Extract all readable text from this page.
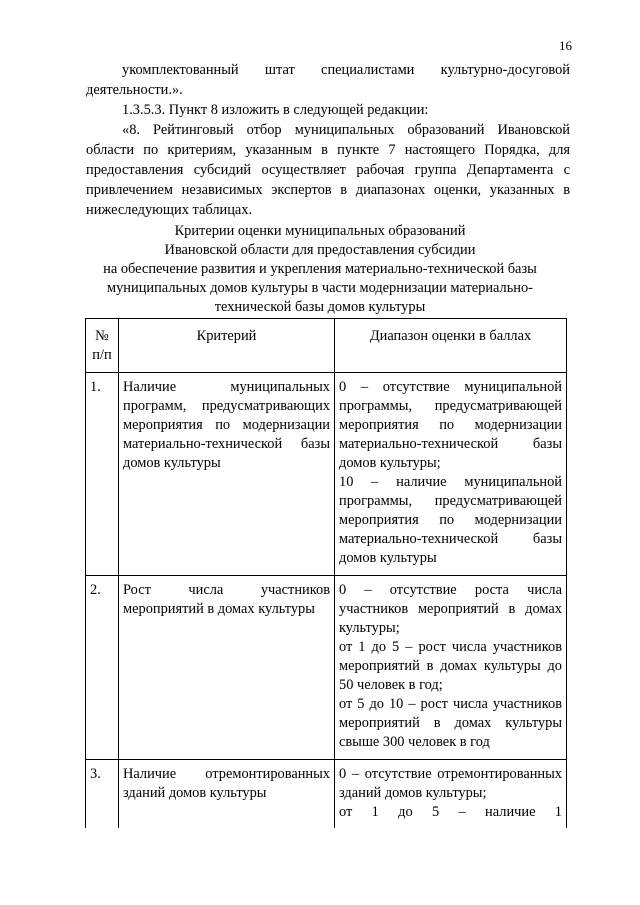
16

укомплектованный штат специалистами культурно-досуговой деятельности.».

1.3.5.3. Пункт 8 изложить в следующей редакции:

«8. Рейтинговый отбор муниципальных образований Ивановской области по критериям, указанным в пункте 7 настоящего Порядка, для предоставления субсидий осуществляет рабочая группа Департамента с привлечением независимых экспертов в диапазонах оценки, указанных в нижеследующих таблицах.

Критерии оценки муниципальных образований
Ивановской области для предоставления субсидии
на обеспечение развития и укрепления материально-технической базы
муниципальных домов культуры в части модернизации материально-
технической базы домов культуры
№ п/п	Критерий	Диапазон оценки в баллах
1.	Наличие муниципальных программ, предусматривающих мероприятия по модернизации материально-технической базы домов культуры	0 – отсутствие муниципальной программы, предусматривающей мероприятия по модернизации материально-технической базы домов культуры;
10 – наличие муниципальной программы, предусматривающей мероприятия по модернизации материально-технической базы домов культуры

2.	Рост числа участников мероприятий в домах культуры	0 – отсутствие роста числа участников мероприятий в домах культуры;
от 1 до 5 – рост числа участников мероприятий в домах культуры до 50 человек в год;
от 5 до 10 – рост числа участников мероприятий в домах культуры свыше 300 человек в год

3.	Наличие отремонтированных зданий домов культуры	0 – отсутствие отремонтированных зданий домов культуры;
от 1 до 5 – наличие 1
